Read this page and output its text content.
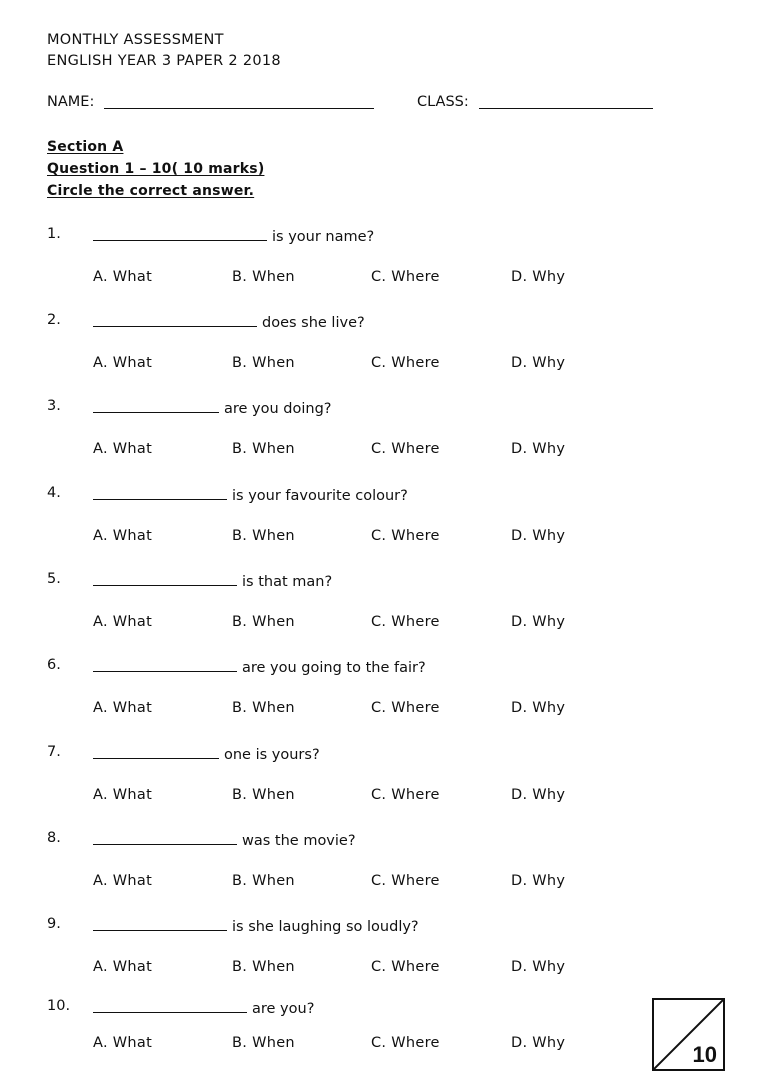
MONTHLY ASSESSMENT
ENGLISH YEAR 3 PAPER 2 2018
NAME:	CLASS:
Section A
Question 1 – 10( 10 marks)
Circle the correct answer.
1.	is your name?
A. What	B. When	C. Where	D. Why
2.	does she live?
A. What	B. When	C. Where	D. Why
3.	are you doing?
A. What	B. When	C. Where	D. Why
4.	is your favourite colour?
A. What	B. When	C. Where	D. Why
5.	is that man?
A. What	B. When	C. Where	D. Why
6.	are you going to the fair?
A. What	B. When	C. Where	D. Why
7.	one is yours?
A. What	B. When	C. Where	D. Why
8.	was the movie?
A. What	B. When	C. Where	D. Why
9.	is she laughing so loudly?
A. What	B. When	C. Where	D. Why
10.	are you?
A. What	B. When	C. Where	D. Why	10
